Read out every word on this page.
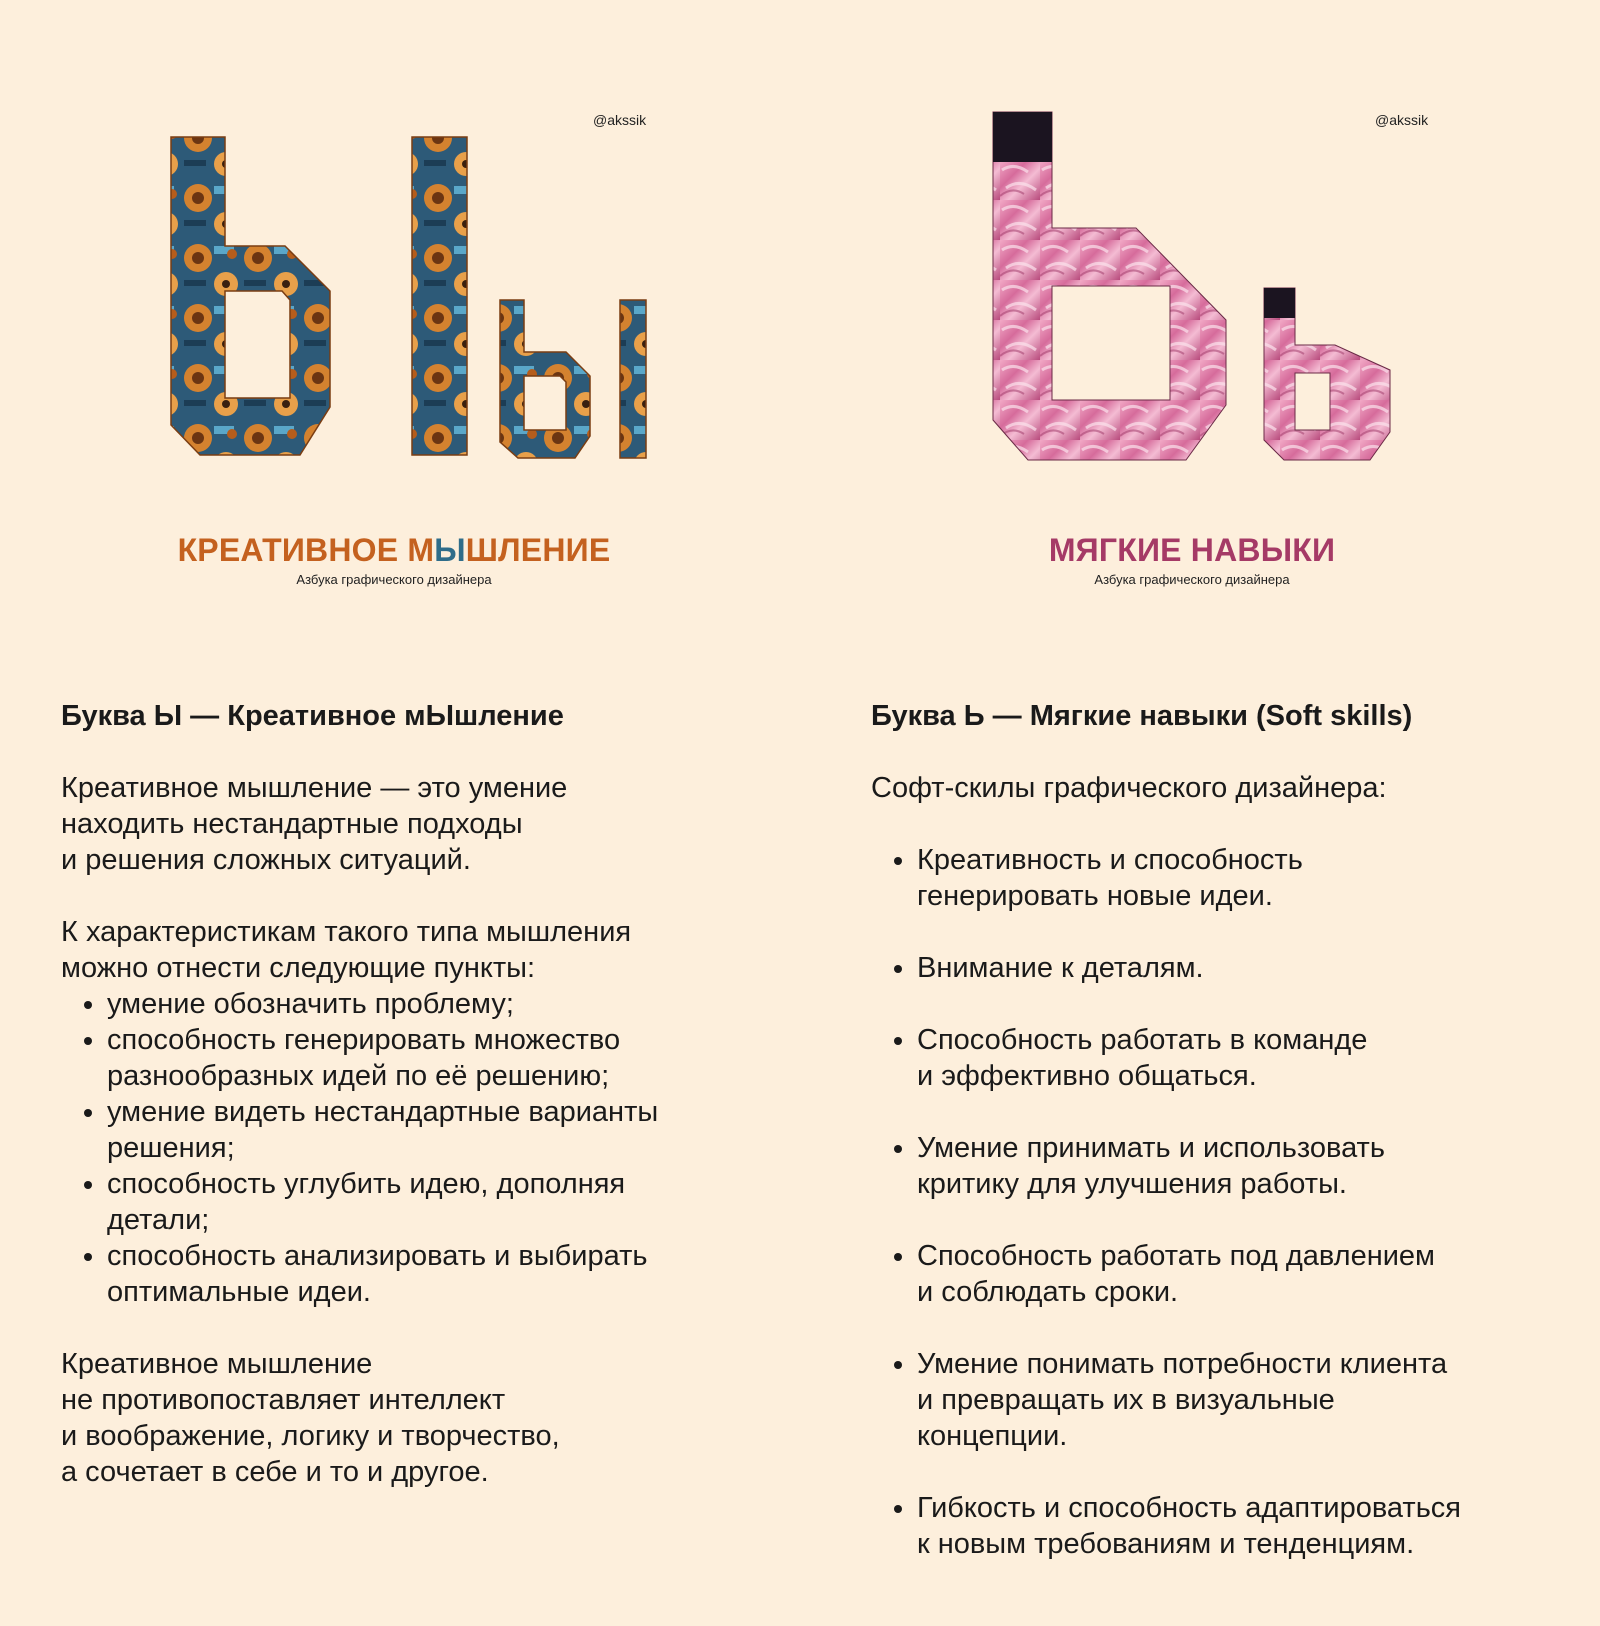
@akssik
КРЕАТИВНОЕ МЫШЛЕНИЕ
Азбука графического дизайнера
@akssik
МЯГКИЕ НАВЫКИ
Азбука графического дизайнера
Буква Ы — Креативное мЫшление

Креативное мышление — это умение
находить нестандартные подходы
и решения сложных ситуаций.

К характеристикам такого типа мышления
можно отнести следующие пункты:

• умение обозначить проблему;
• способность генерировать множество
разнообразных идей по её решению;
• умение видеть нестандартные варианты
решения;
• способность углубить идею, дополняя
детали;
• способность анализировать и выбирать
оптимальные идеи.

Креативное мышление
не противопоставляет интеллект
и воображение, логику и творчество,
а сочетает в себе и то и другое.

Буква Ь — Мягкие навыки (Soft skills)

Софт-скилы графического дизайнера:

• Креативность и способность
генерировать новые идеи.
• Внимание к деталям.
• Способность работать в команде
и эффективно общаться.
• Умение принимать и использовать
критику для улучшения работы.
• Способность работать под давлением
и соблюдать сроки.
• Умение понимать потребности клиента
и превращать их в визуальные
концепции.
• Гибкость и способность адаптироваться
к новым требованиям и тенденциям.
